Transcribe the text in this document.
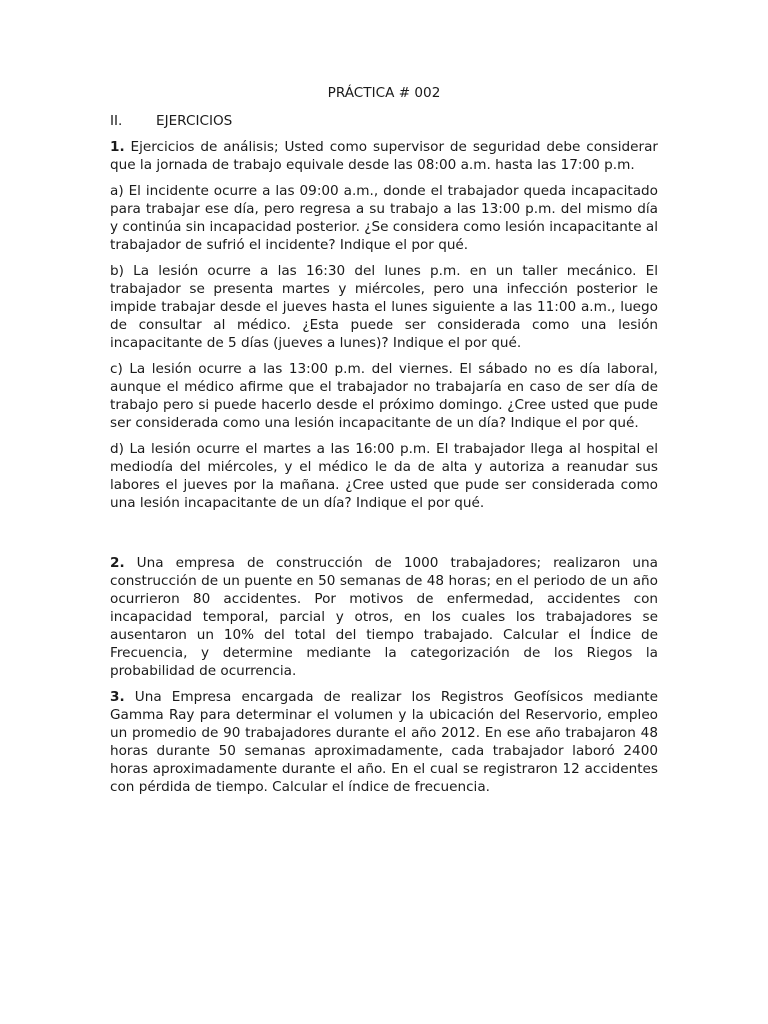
PRÁCTICA # 002
II.	EJERCICIOS

1. Ejercicios de análisis; Usted como supervisor de seguridad debe considerar que la jornada de trabajo equivale desde las 08:00 a.m. hasta las 17:00 p.m.

a) El incidente ocurre a las 09:00 a.m., donde el trabajador queda incapacitado para trabajar ese día, pero regresa a su trabajo a las 13:00 p.m. del mismo día y continúa sin incapacidad posterior. ¿Se considera como lesión incapacitante al trabajador de sufrió el incidente? Indique el por qué.

b) La lesión ocurre a las 16:30 del lunes p.m. en un taller mecánico. El trabajador se presenta martes y miércoles, pero una infección posterior le impide trabajar desde el jueves hasta el lunes siguiente a las 11:00 a.m., luego de consultar al médico. ¿Esta puede ser considerada como una lesión incapacitante de 5 días (jueves a lunes)? Indique el por qué.

c) La lesión ocurre a las 13:00 p.m. del viernes. El sábado no es día laboral, aunque el médico afirme que el trabajador no trabajaría en caso de ser día de trabajo pero si puede hacerlo desde el próximo domingo. ¿Cree usted que pude ser considerada como una lesión incapacitante de un día? Indique el por qué.

d) La lesión ocurre el martes a las 16:00 p.m. El trabajador llega al hospital el mediodía del miércoles, y el médico le da de alta y autoriza a reanudar sus labores el jueves por la mañana. ¿Cree usted que pude ser considerada como una lesión incapacitante de un día? Indique el por qué.

2. Una empresa de construcción de 1000 trabajadores; realizaron una construcción de un puente en 50 semanas de 48 horas; en el periodo de un año ocurrieron 80 accidentes. Por motivos de enfermedad, accidentes con incapacidad temporal, parcial y otros, en los cuales los trabajadores se ausentaron un 10% del total del tiempo trabajado. Calcular el Índice de Frecuencia, y determine mediante la categorización de los Riegos la probabilidad de ocurrencia.

3. Una Empresa encargada de realizar los Registros Geofísicos mediante Gamma Ray para determinar el volumen y la ubicación del Reservorio, empleo un promedio de 90 trabajadores durante el año 2012. En ese año trabajaron 48 horas durante 50 semanas aproximadamente, cada trabajador laboró 2400 horas aproximadamente durante el año. En el cual se registraron 12 accidentes con pérdida de tiempo. Calcular el índice de frecuencia.
